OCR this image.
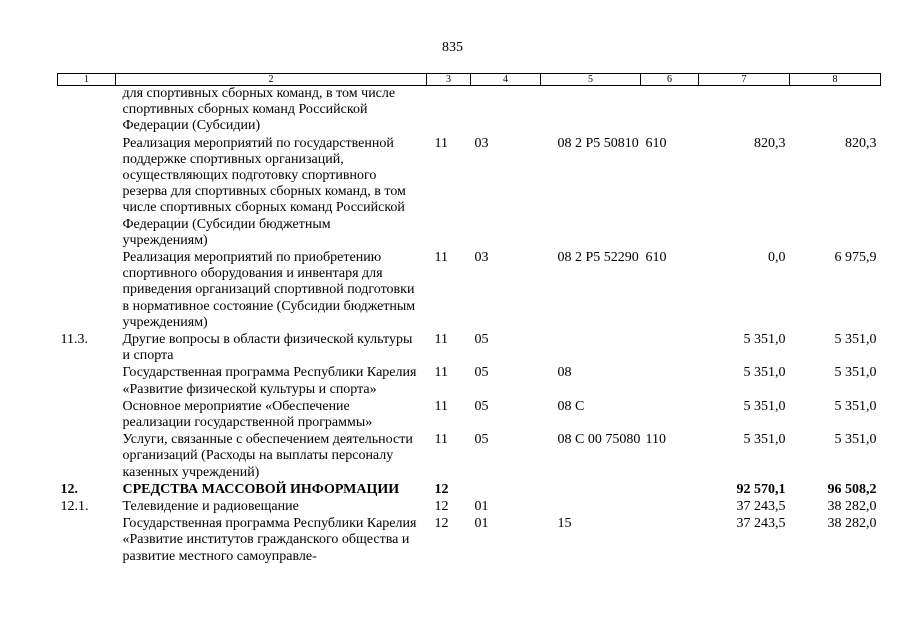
835
1	2	3	4	5	6	7	8
	для спортивных сборных команд, в том числе спортивных сборных команд Российской Федерации (Субсидии)						
	Реализация мероприятий по государственной поддержке спортивных организаций, осуществляющих подготовку спортивного резерва для спортивных сборных команд, в том числе спортивных сборных команд Российской Федерации (Субсидии бюджетным учреждениям)	11	03	08 2 P5 50810	610	820,3	820,3
	Реализация мероприятий по приобретению спортивного оборудования и инвентаря для приведения организаций спортивной подготовки в нормативное состояние (Субсидии бюджетным учреждениям)	11	03	08 2 P5 52290	610	0,0	6 975,9
11.3.	Другие вопросы в области физической культуры и спорта	11	05			5 351,0	5 351,0
	Государственная программа Республики Карелия «Развитие физической культуры и спорта»	11	05	08		5 351,0	5 351,0
	Основное мероприятие «Обеспечение реализации государственной программы»	11	05	08 C		5 351,0	5 351,0
	Услуги, связанные с обеспечением деятельности организаций (Расходы на выплаты персоналу казенных учреждений)	11	05	08 C 00 75080	110	5 351,0	5 351,0
12.	СРЕДСТВА МАССОВОЙ ИНФОРМАЦИИ	12				92 570,1	96 508,2
12.1.	Телевидение и радиовещание	12	01			37 243,5	38 282,0
	Государственная программа Республики Карелия «Развитие институтов гражданского общества и развитие местного самоуправле-	12	01	15		37 243,5	38 282,0
